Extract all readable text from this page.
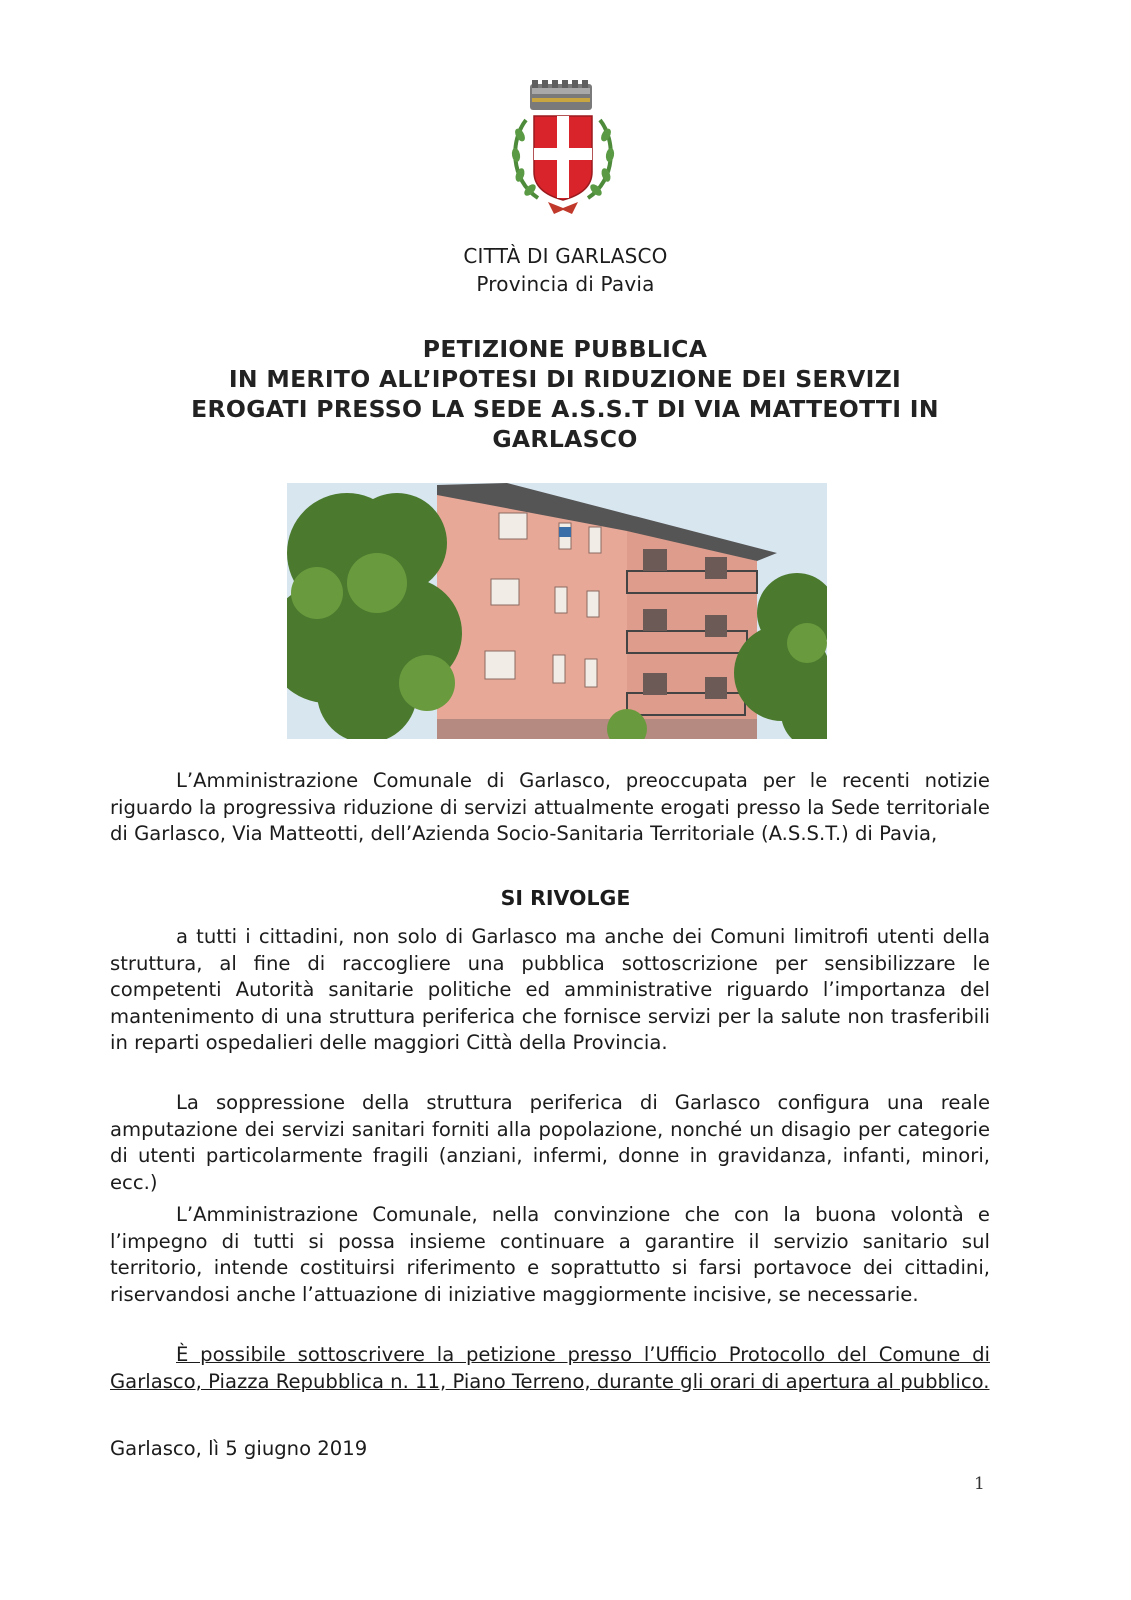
CITTÀ DI GARLASCO
Provincia di Pavia
PETIZIONE PUBBLICA
IN MERITO ALL’IPOTESI DI RIDUZIONE DEI SERVIZI
EROGATI PRESSO LA SEDE A.S.S.T DI VIA MATTEOTTI IN
GARLASCO
L’Amministrazione Comunale di Garlasco, preoccupata per le recenti notizie riguardo la progressiva riduzione di servizi attualmente erogati presso la Sede territoriale di Garlasco, Via Matteotti, dell’Azienda Socio-Sanitaria Territoriale (A.S.S.T.) di Pavia,
SI RIVOLGE
a tutti i cittadini, non solo di Garlasco ma anche dei Comuni limitrofi utenti della struttura, al fine di raccogliere una pubblica sottoscrizione per sensibilizzare le competenti Autorità sanitarie politiche ed amministrative riguardo l’importanza del mantenimento di una struttura periferica che fornisce servizi per la salute non trasferibili in reparti ospedalieri delle maggiori Città della Provincia.
La soppressione della struttura periferica di Garlasco configura una reale amputazione dei servizi sanitari forniti alla popolazione, nonché un disagio per categorie di utenti particolarmente fragili (anziani, infermi, donne in gravidanza, infanti, minori, ecc.)
L’Amministrazione Comunale, nella convinzione che con la buona volontà e l’impegno di tutti si possa insieme continuare a garantire il servizio sanitario sul territorio, intende costituirsi riferimento e soprattutto si farsi portavoce dei cittadini, riservandosi anche l’attuazione di iniziative maggiormente incisive, se necessarie.
È possibile sottoscrivere la petizione presso l’Ufficio Protocollo del Comune di Garlasco, Piazza Repubblica n. 11, Piano Terreno, durante gli orari di apertura al pubblico.
Garlasco, lì 5 giugno 2019
1
